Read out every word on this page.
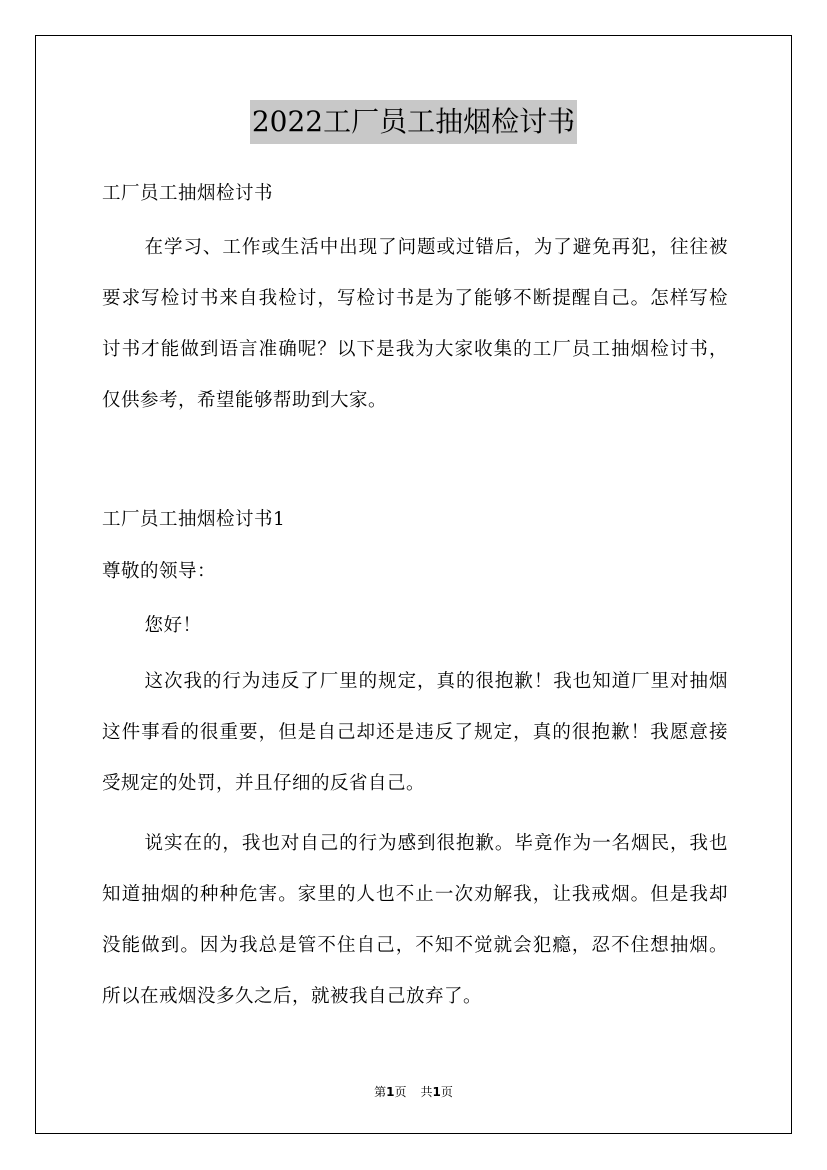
2022工厂员工抽烟检讨书

工厂员工抽烟检讨书

在学习、工作或生活中出现了问题或过错后，为了避免再犯，往往被要求写检讨书来自我检讨，写检讨书是为了能够不断提醒自己。怎样写检讨书才能做到语言准确呢？以下是我为大家收集的工厂员工抽烟检讨书，仅供参考，希望能够帮助到大家。

工厂员工抽烟检讨书1

尊敬的领导：

您好！

这次我的行为违反了厂里的规定，真的很抱歉！我也知道厂里对抽烟这件事看的很重要，但是自己却还是违反了规定，真的很抱歉！我愿意接受规定的处罚，并且仔细的反省自己。

说实在的，我也对自己的行为感到很抱歉。毕竟作为一名烟民，我也知道抽烟的种种危害。家里的人也不止一次劝解我，让我戒烟。但是我却没能做到。因为我总是管不住自己，不知不觉就会犯瘾，忍不住想抽烟。所以在戒烟没多久之后，就被我自己放弃了。

第1页 共1页
